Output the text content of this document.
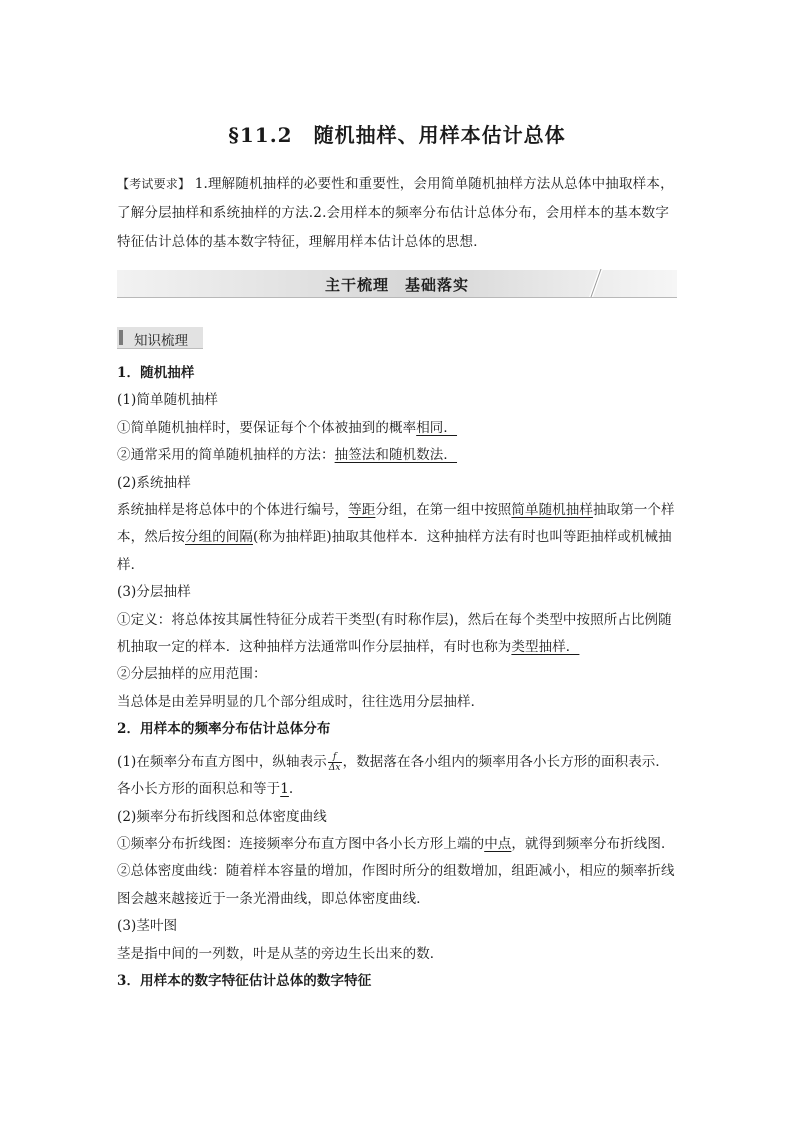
§11.2　随机抽样、用样本估计总体
【考试要求】 1.理解随机抽样的必要性和重要性，会用简单随机抽样方法从总体中抽取样本，了解分层抽样和系统抽样的方法.2.会用样本的频率分布估计总体分布，会用样本的基本数字特征估计总体的基本数字特征，理解用样本估计总体的思想．
主干梳理　基础落实
知识梳理

1．随机抽样

(1)简单随机抽样

①简单随机抽样时，要保证每个个体被抽到的概率相同．

②通常采用的简单随机抽样的方法：抽签法和随机数法．

(2)系统抽样

系统抽样是将总体中的个体进行编号，等距分组，在第一组中按照简单随机抽样抽取第一个样本，然后按分组的间隔(称为抽样距)抽取其他样本．这种抽样方法有时也叫等距抽样或机械抽样．

(3)分层抽样

①定义：将总体按其属性特征分成若干类型(有时称作层)，然后在每个类型中按照所占比例随机抽取一定的样本．这种抽样方法通常叫作分层抽样，有时也称为类型抽样．

②分层抽样的应用范围：

当总体是由差异明显的几个部分组成时，往往选用分层抽样．

2．用样本的频率分布估计总体分布

(1)在频率分布直方图中，纵轴表示 $\frac{f}{\Delta x}$ ，数据落在各小组内的频率用各小长方形的面积表示．各小长方形的面积总和等于1.

(2)频率分布折线图和总体密度曲线

①频率分布折线图：连接频率分布直方图中各小长方形上端的中点，就得到频率分布折线图．

②总体密度曲线：随着样本容量的增加，作图时所分的组数增加，组距减小，相应的频率折线图会越来越接近于一条光滑曲线，即总体密度曲线．

(3)茎叶图

茎是指中间的一列数，叶是从茎的旁边生长出来的数．

3．用样本的数字特征估计总体的数字特征
